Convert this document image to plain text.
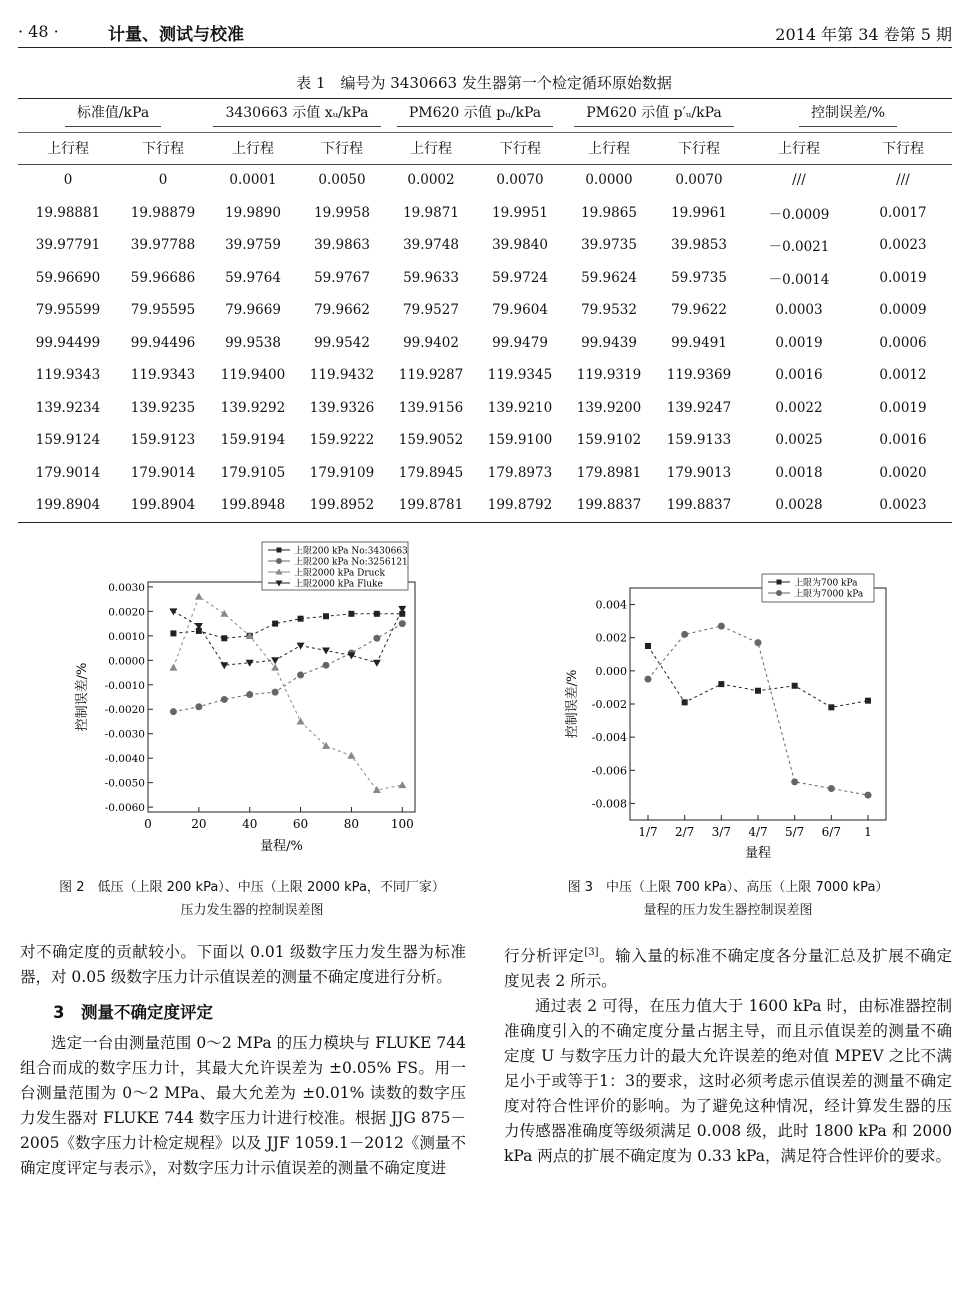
· 48 ·	计量、测试与校准	2014 年第 34 卷第 5 期
表 1　编号为 3430663 发生器第一个检定循环原始数据
标准值/kPa		3430663 示值 xᵤ/kPa		PM620 示值 pᵤ/kPa		PM620 示值 p′ᵤ/kPa		控制误差/%	
上行程	下行程	上行程	下行程	上行程	下行程	上行程	下行程	上行程	下行程
0	0	0.0001	0.0050	0.0002	0.0070	0.0000	0.0070	///	///
19.98881	19.98879	19.9890	19.9958	19.9871	19.9951	19.9865	19.9961	－0.0009	0.0017
39.97791	39.97788	39.9759	39.9863	39.9748	39.9840	39.9735	39.9853	－0.0021	0.0023
59.96690	59.96686	59.9764	59.9767	59.9633	59.9724	59.9624	59.9735	－0.0014	0.0019
79.95599	79.95595	79.9669	79.9662	79.9527	79.9604	79.9532	79.9622	0.0003	0.0009
99.94499	99.94496	99.9538	99.9542	99.9402	99.9479	99.9439	99.9491	0.0019	0.0006
119.9343	119.9343	119.9400	119.9432	119.9287	119.9345	119.9319	119.9369	0.0016	0.0012
139.9234	139.9235	139.9292	139.9326	139.9156	139.9210	139.9200	139.9247	0.0022	0.0019
159.9124	159.9123	159.9194	159.9222	159.9052	159.9100	159.9102	159.9133	0.0025	0.0016
179.9014	179.9014	179.9105	179.9109	179.8945	179.8973	179.8981	179.9013	0.0018	0.0020
199.8904	199.8904	199.8948	199.8952	199.8781	199.8792	199.8837	199.8837	0.0028	0.0023
0.0030
0.0020
0.0010
0.0000
-0.0010
-0.0020
-0.0030
-0.0040
-0.0050
-0.0060
0	20	40	60	80	100
量程/%
控制误差/%
上限200 kPa No:3430663
上限200 kPa No:3256121
上限2000 kPa Druck
上限2000 kPa Fluke
图 2　低压（上限 200 kPa）、中压（上限 2000 kPa，不同厂家）
压力发生器的控制误差图
0.004
0.002
0.000
-0.002
-0.004
-0.006
-0.008
1/7 2/7 3/7 4/7 5/7 6/7 1
量程
控制误差/%
上限为700 kPa
上限为7000 kPa
图 3　中压（上限 700 kPa）、高压（上限 7000 kPa）
量程的压力发生器控制误差图

对不确定度的贡献较小。下面以 0.01 级数字压力发生器为标准器，对 0.05 级数字压力计示值误差的测量不确定度进行分析。

3　测量不确定度评定

选定一台由测量范围 0～2 MPa 的压力模块与 FLUKE 744 组合而成的数字压力计，其最大允许误差为 ±0.05% FS。用一台测量范围为 0～2 MPa、最大允差为 ±0.01% 读数的数字压力发生器对 FLUKE 744 数字压力计进行校准。根据 JJG 875－2005《数字压力计检定规程》以及 JJF 1059.1－2012《测量不确定度评定与表示》，对数字压力计示值误差的测量不确定度进

行分析评定[3]。输入量的标准不确定度各分量汇总及扩展不确定度见表 2 所示。

通过表 2 可得，在压力值大于 1600 kPa 时，由标准器控制准确度引入的不确定度分量占据主导，而且示值误差的测量不确定度 U 与数字压力计的最大允许误差的绝对值 MPEV 之比不满足小于或等于1：3的要求，这时必须考虑示值误差的测量不确定度对符合性评价的影响。为了避免这种情况，经计算发生器的压力传感器准确度等级须满足 0.008 级，此时 1800 kPa 和 2000 kPa 两点的扩展不确定度为 0.33 kPa，满足符合性评价的要求。
